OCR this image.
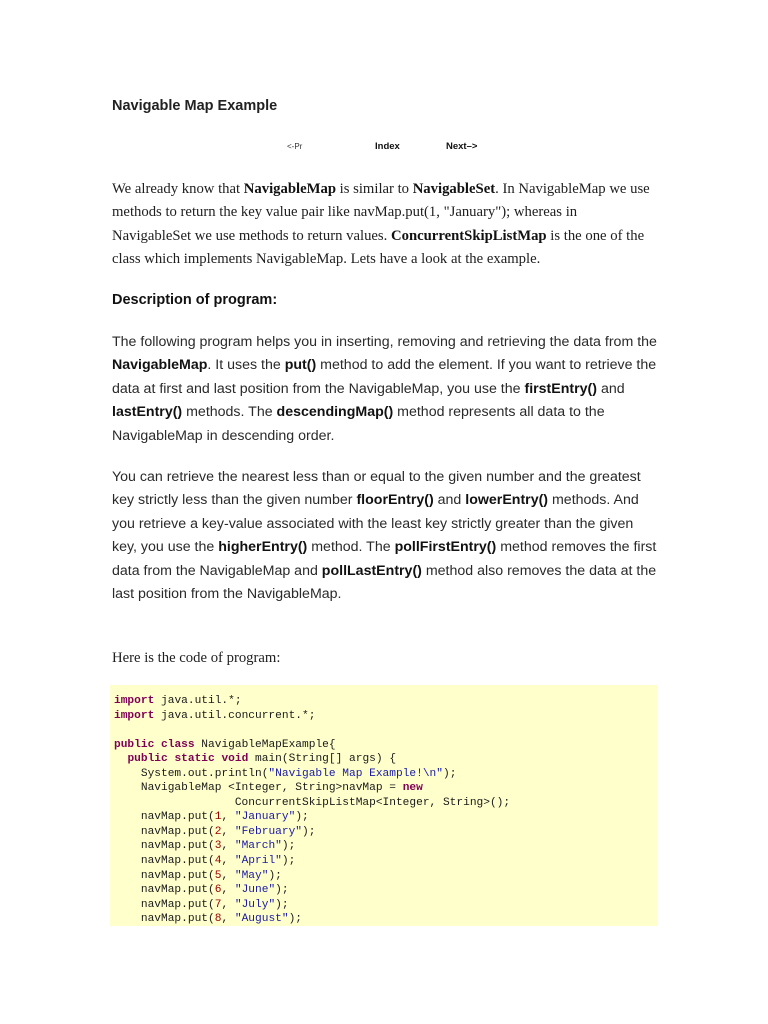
Navigable Map Example
<-Pr	Index	Next–>
We already know that NavigableMap is similar to NavigableSet. In NavigableMap we use methods to return the key value pair like navMap.put(1, "January"); whereas in NavigableSet we use methods to return values. ConcurrentSkipListMap is the one of the class which implements NavigableMap. Lets have a look at the example.
Description of program:
The following program helps you in inserting, removing and retrieving the data from the NavigableMap. It uses the put() method to add the element. If you want to retrieve the data at first and last position from the NavigableMap, you use the firstEntry() and lastEntry() methods. The descendingMap() method represents all data to the NavigableMap in descending order.
You can retrieve the nearest less than or equal to the given number and the greatest key strictly less than the given number floorEntry() and lowerEntry() methods. And you retrieve a key-value associated with the least key strictly greater than the given key, you use the higherEntry() method. The pollFirstEntry() method removes the first data from the NavigableMap and pollLastEntry() method also removes the data at the last position from the NavigableMap.
Here is the code of program:
import java.util.*;
import java.util.concurrent.*;

public class NavigableMapExample{
public static void main(String[] args) {
System.out.println("Navigable Map Example!\n");
NavigableMap <Integer, String>navMap = new
ConcurrentSkipListMap<Integer, String>();
navMap.put(1, "January");
navMap.put(2, "February");
navMap.put(3, "March");
navMap.put(4, "April");
navMap.put(5, "May");
navMap.put(6, "June");
navMap.put(7, "July");
navMap.put(8, "August");
